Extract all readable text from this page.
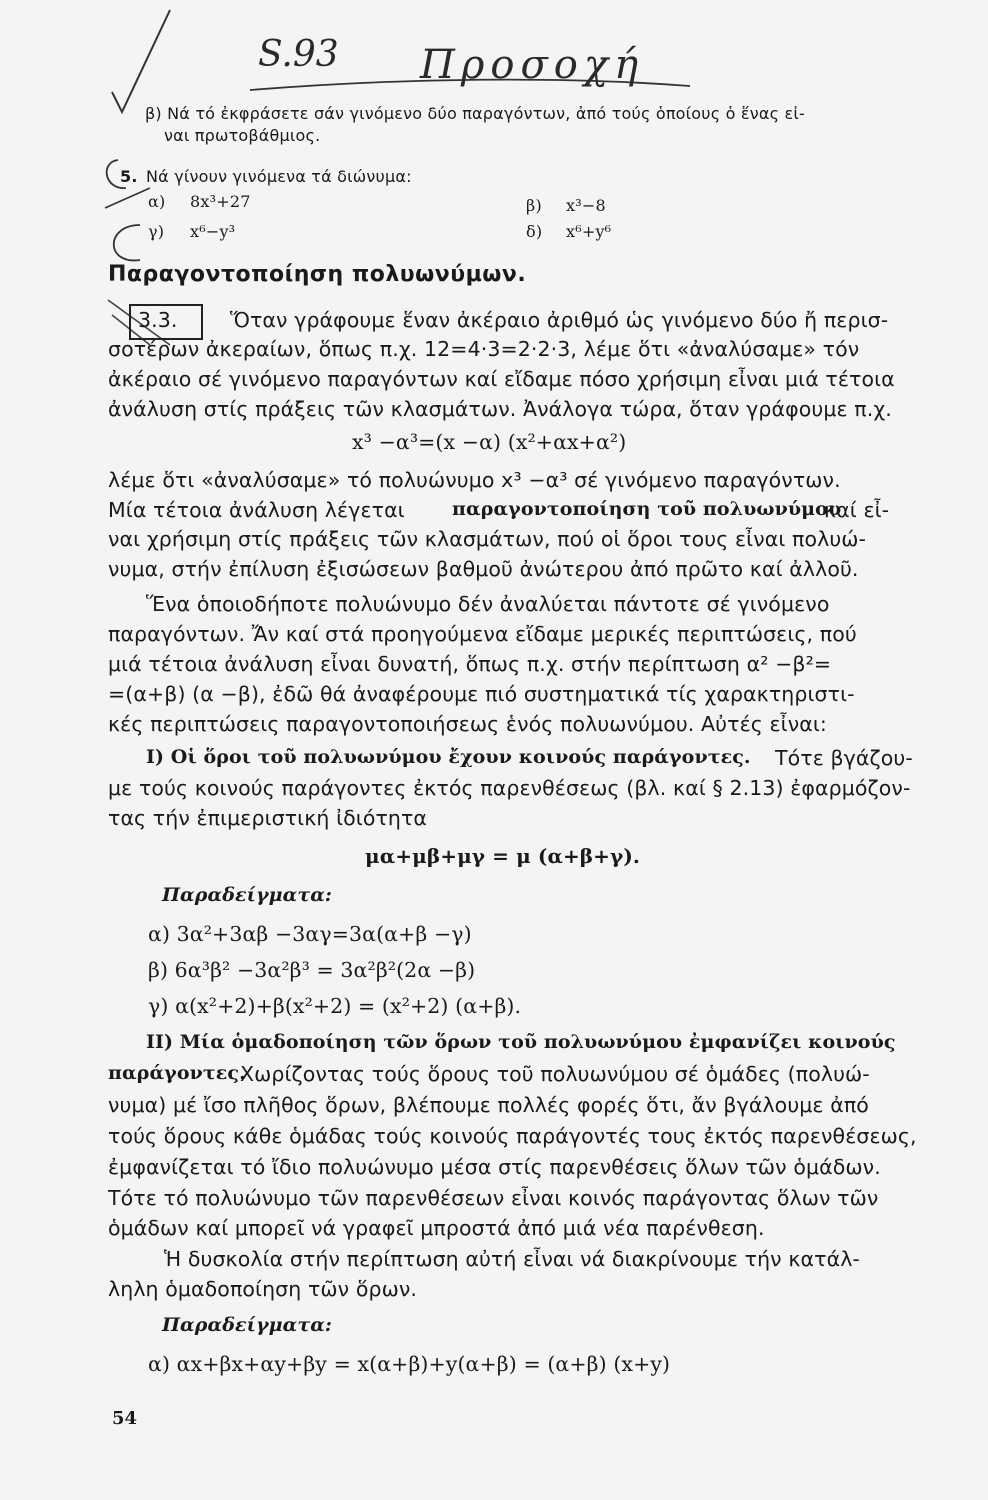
S.93 Προσοχή
β) Νά τό ἐκφράσετε σάν γινόμενο δύο παραγόντων, ἀπό τούς ὁποίους ὁ ἕνας εἰ-
ναι πρωτοβάθμιος.
5. Νά γίνουν γινόμενα τά διώνυμα:
α) 8x³+27	β) x³−8
γ) x⁶−y³	δ) x⁶+y⁶
Παραγοντοποίηση πολυωνύμων.
3.3.	Ὅταν γράφουμε ἕναν ἀκέραιο ἀριθμό ὡς γινόμενο δύο ἤ περισ-
σοτέρων ἀκεραίων, ὅπως π.χ. 12=4·3=2·2·3, λέμε ὅτι «ἀναλύσαμε» τόν
ἀκέραιο σέ γινόμενο παραγόντων καί εἴδαμε πόσο χρήσιμη εἶναι μιά τέτοια
ἀνάλυση στίς πράξεις τῶν κλασμάτων. Ἀνάλογα τώρα, ὅταν γράφουμε π.χ.
x³ −α³=(x −α) (x²+αx+α²)
λέμε ὅτι «ἀναλύσαμε» τό πολυώνυμο x³ −α³ σέ γινόμενο παραγόντων.
Μία τέτοια ἀνάλυση λέγεται παραγοντοποίηση τοῦ πολυωνύμου
καί εἶ-
ναι χρήσιμη στίς πράξεις τῶν κλασμάτων, πού οἱ ὅροι τους εἶναι πολυώ-
νυμα, στήν ἐπίλυση ἐξισώσεων βαθμοῦ ἀνώτερου ἀπό πρῶτο καί ἀλλοῦ.
Ἕνα ὁποιοδήποτε πολυώνυμο δέν ἀναλύεται πάντοτε σέ γινόμενο
παραγόντων. Ἄν καί στά προηγούμενα εἴδαμε μερικές περιπτώσεις, πού
μιά τέτοια ἀνάλυση εἶναι δυνατή, ὅπως π.χ. στήν περίπτωση α² −β²=
=(α+β) (α −β), ἐδῶ θά ἀναφέρουμε πιό συστηματικά τίς χαρακτηριστι-
κές περιπτώσεις παραγοντοποιήσεως ἑνός πολυωνύμου. Αὐτές εἶναι:
I) Οἱ ὅροι τοῦ πολυωνύμου ἔχουν κοινούς παράγοντες. Τότε βγάζου-
με τούς κοινούς παράγοντες ἐκτός παρενθέσεως (βλ. καί § 2.13) ἐφαρμόζον-
τας τήν ἐπιμεριστική ἰδιότητα
μα+μβ+μγ = μ (α+β+γ).
Παραδείγματα:
α) 3α²+3αβ −3αγ=3α(α+β −γ)
β) 6α³β² −3α²β³ = 3α²β²(2α −β)
γ) α(x²+2)+β(x²+2) = (x²+2) (α+β).
II) Μία ὁμαδοποίηση τῶν ὅρων τοῦ πολυωνύμου ἐμφανίζει κοινούς
παράγοντες.
Χωρίζοντας τούς ὅρους τοῦ πολυωνύμου σέ ὁμάδες (πολυώ-
νυμα) μέ ἴσο πλῆθος ὅρων, βλέπουμε πολλές φορές ὅτι, ἄν βγάλουμε ἀπό
τούς ὅρους κάθε ὁμάδας τούς κοινούς παράγοντές τους ἐκτός παρενθέσεως,
ἐμφανίζεται τό ἴδιο πολυώνυμο μέσα στίς παρενθέσεις ὅλων τῶν ὁμάδων.
Τότε τό πολυώνυμο τῶν παρενθέσεων εἶναι κοινός παράγοντας ὅλων τῶν
ὁμάδων καί μπορεῖ νά γραφεῖ μπροστά ἀπό μιά νέα παρένθεση.
Ἡ δυσκολία στήν περίπτωση αὐτή εἶναι νά διακρίνουμε τήν κατάλ-
ληλη ὁμαδοποίηση τῶν ὅρων.
Παραδείγματα:
α) αx+βx+αy+βy = x(α+β)+y(α+β) = (α+β) (x+y)
54
